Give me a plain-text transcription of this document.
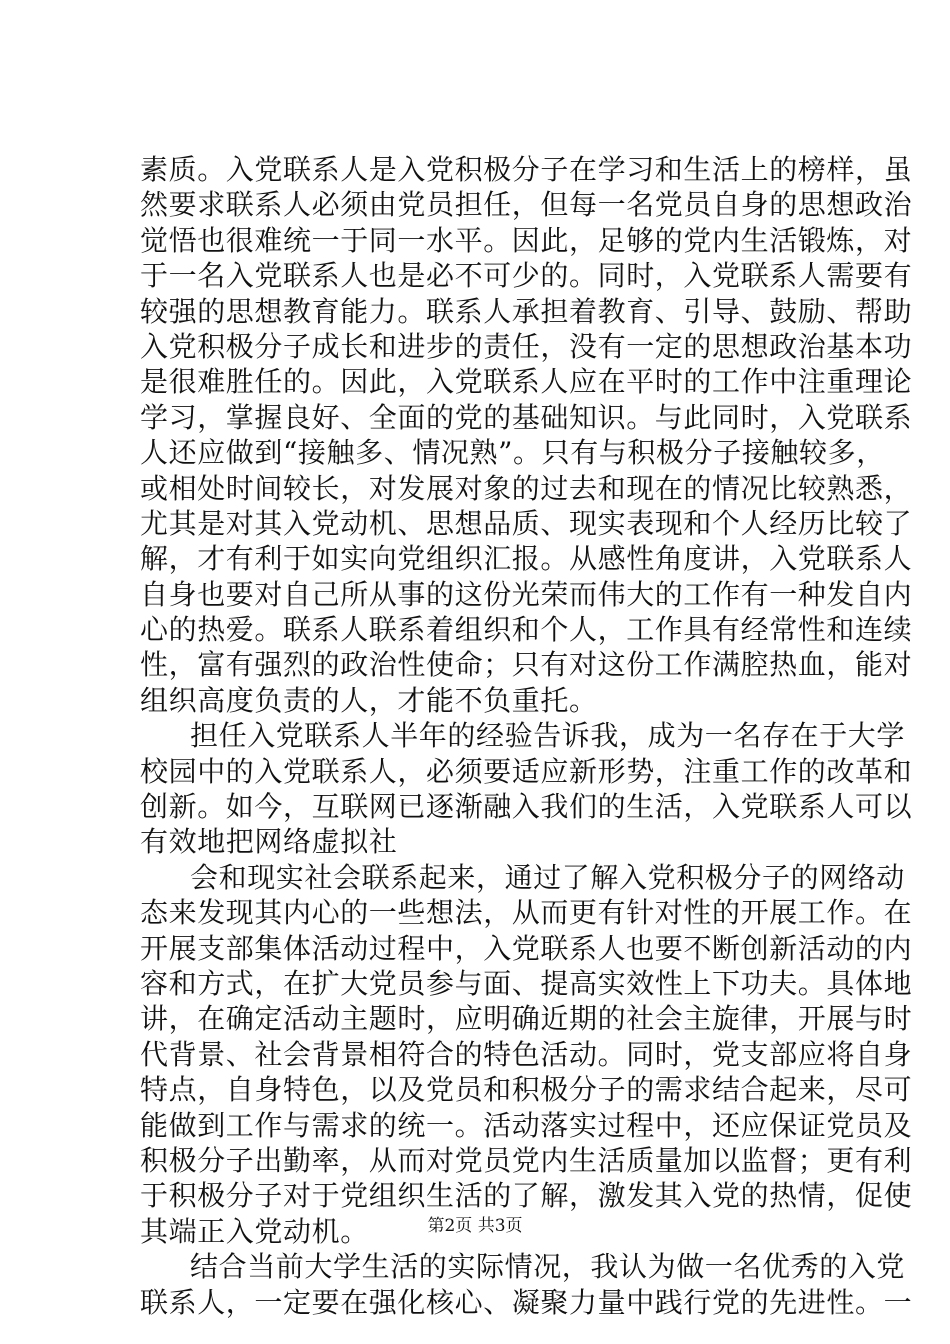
素质。入党联系人是入党积极分子在学习和生活上的榜样，虽
然要求联系人必须由党员担任，但每一名党员自身的思想政治
觉悟也很难统一于同一水平。因此，足够的党内生活锻炼，对
于一名入党联系人也是必不可少的。同时，入党联系人需要有
较强的思想教育能力。联系人承担着教育、引导、鼓励、帮助
入党积极分子成长和进步的责任，没有一定的思想政治基本功
是很难胜任的。因此，入党联系人应在平时的工作中注重理论
学习，掌握良好、全面的党的基础知识。与此同时，入党联系
人还应做到“接触多、情况熟”。只有与积极分子接触较多，
或相处时间较长，对发展对象的过去和现在的情况比较熟悉，
尤其是对其入党动机、思想品质、现实表现和个人经历比较了
解，才有利于如实向党组织汇报。从感性角度讲，入党联系人
自身也要对自己所从事的这份光荣而伟大的工作有一种发自内
心的热爱。联系人联系着组织和个人，工作具有经常性和连续
性，富有强烈的政治性使命；只有对这份工作满腔热血，能对
组织高度负责的人，才能不负重托。
担任入党联系人半年的经验告诉我，成为一名存在于大学
校园中的入党联系人，必须要适应新形势，注重工作的改革和
创新。如今，互联网已逐渐融入我们的生活，入党联系人可以
有效地把网络虚拟社
会和现实社会联系起来，通过了解入党积极分子的网络动
态来发现其内心的一些想法，从而更有针对性的开展工作。在
开展支部集体活动过程中，入党联系人也要不断创新活动的内
容和方式，在扩大党员参与面、提高实效性上下功夫。具体地
讲，在确定活动主题时，应明确近期的社会主旋律，开展与时
代背景、社会背景相符合的特色活动。同时，党支部应将自身
特点，自身特色，以及党员和积极分子的需求结合起来，尽可
能做到工作与需求的统一。活动落实过程中，还应保证党员及
积极分子出勤率，从而对党员党内生活质量加以监督；更有利
于积极分子对于党组织生活的了解，激发其入党的热情，促使
其端正入党动机。
结合当前大学生活的实际情况，我认为做一名优秀的入党
联系人，一定要在强化核心、凝聚力量中践行党的先进性。一
第2页 共3页
